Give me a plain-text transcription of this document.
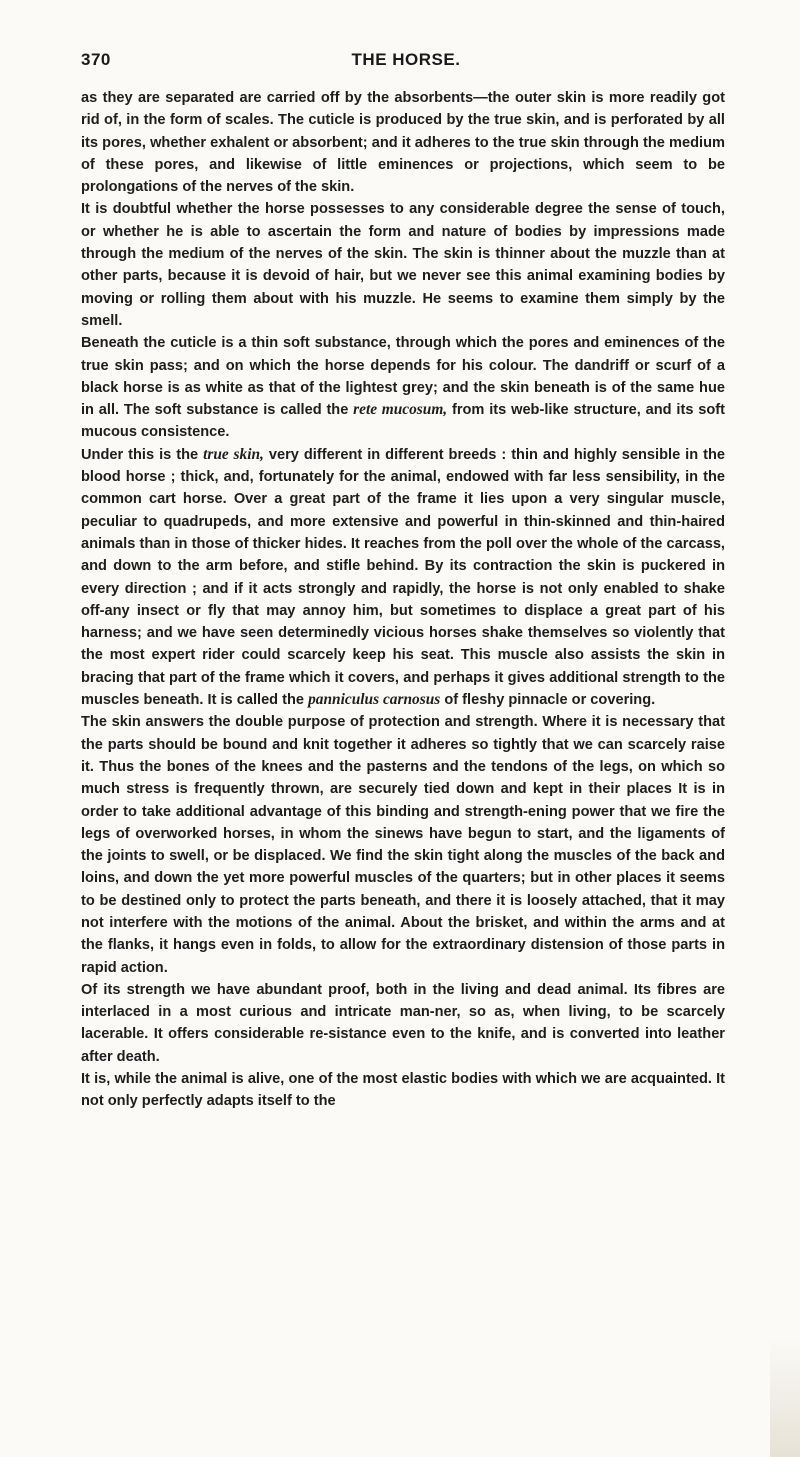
370	THE HORSE.

as they are separated are carried off by the absorbents—the outer skin is more readily got rid of, in the form of scales. The cuticle is produced by the true skin, and is perforated by all its pores, whether exhalent or absorbent; and it adheres to the true skin through the medium of these pores, and likewise of little eminences or projections, which seem to be prolongations of the nerves of the skin.

It is doubtful whether the horse possesses to any considerable degree the sense of touch, or whether he is able to ascertain the form and nature of bodies by impressions made through the medium of the nerves of the skin. The skin is thinner about the muzzle than at other parts, because it is devoid of hair, but we never see this animal examining bodies by moving or rolling them about with his muzzle. He seems to examine them simply by the smell.

Beneath the cuticle is a thin soft substance, through which the pores and eminences of the true skin pass; and on which the horse depends for his colour. The dandriff or scurf of a black horse is as white as that of the lightest grey; and the skin beneath is of the same hue in all. The soft substance is called the rete mucosum, from its web-like structure, and its soft mucous consistence.

Under this is the true skin, very different in different breeds : thin and highly sensible in the blood horse ; thick, and, fortunately for the animal, endowed with far less sensibility, in the common cart horse. Over a great part of the frame it lies upon a very singular muscle, peculiar to quadrupeds, and more extensive and powerful in thin-skinned and thin-haired animals than in those of thicker hides. It reaches from the poll over the whole of the carcass, and down to the arm before, and stifle behind. By its contraction the skin is puckered in every direction ; and if it acts strongly and rapidly, the horse is not only enabled to shake off-any insect or fly that may annoy him, but sometimes to displace a great part of his harness; and we have seen determinedly vicious horses shake themselves so violently that the most expert rider could scarcely keep his seat. This muscle also assists the skin in bracing that part of the frame which it covers, and perhaps it gives additional strength to the muscles beneath. It is called the panniculus carnosus of fleshy pinnacle or covering.

The skin answers the double purpose of protection and strength. Where it is necessary that the parts should be bound and knit together it adheres so tightly that we can scarcely raise it. Thus the bones of the knees and the pasterns and the tendons of the legs, on which so much stress is frequently thrown, are securely tied down and kept in their places It is in order to take additional advantage of this binding and strength-ening power that we fire the legs of overworked horses, in whom the sinews have begun to start, and the ligaments of the joints to swell, or be displaced. We find the skin tight along the muscles of the back and loins, and down the yet more powerful muscles of the quarters; but in other places it seems to be destined only to protect the parts beneath, and there it is loosely attached, that it may not interfere with the motions of the animal. About the brisket, and within the arms and at the flanks, it hangs even in folds, to allow for the extraordinary distension of those parts in rapid action.

Of its strength we have abundant proof, both in the living and dead animal. Its fibres are interlaced in a most curious and intricate man-ner, so as, when living, to be scarcely lacerable. It offers considerable re-sistance even to the knife, and is converted into leather after death.

It is, while the animal is alive, one of the most elastic bodies with which we are acquainted. It not only perfectly adapts itself to the
